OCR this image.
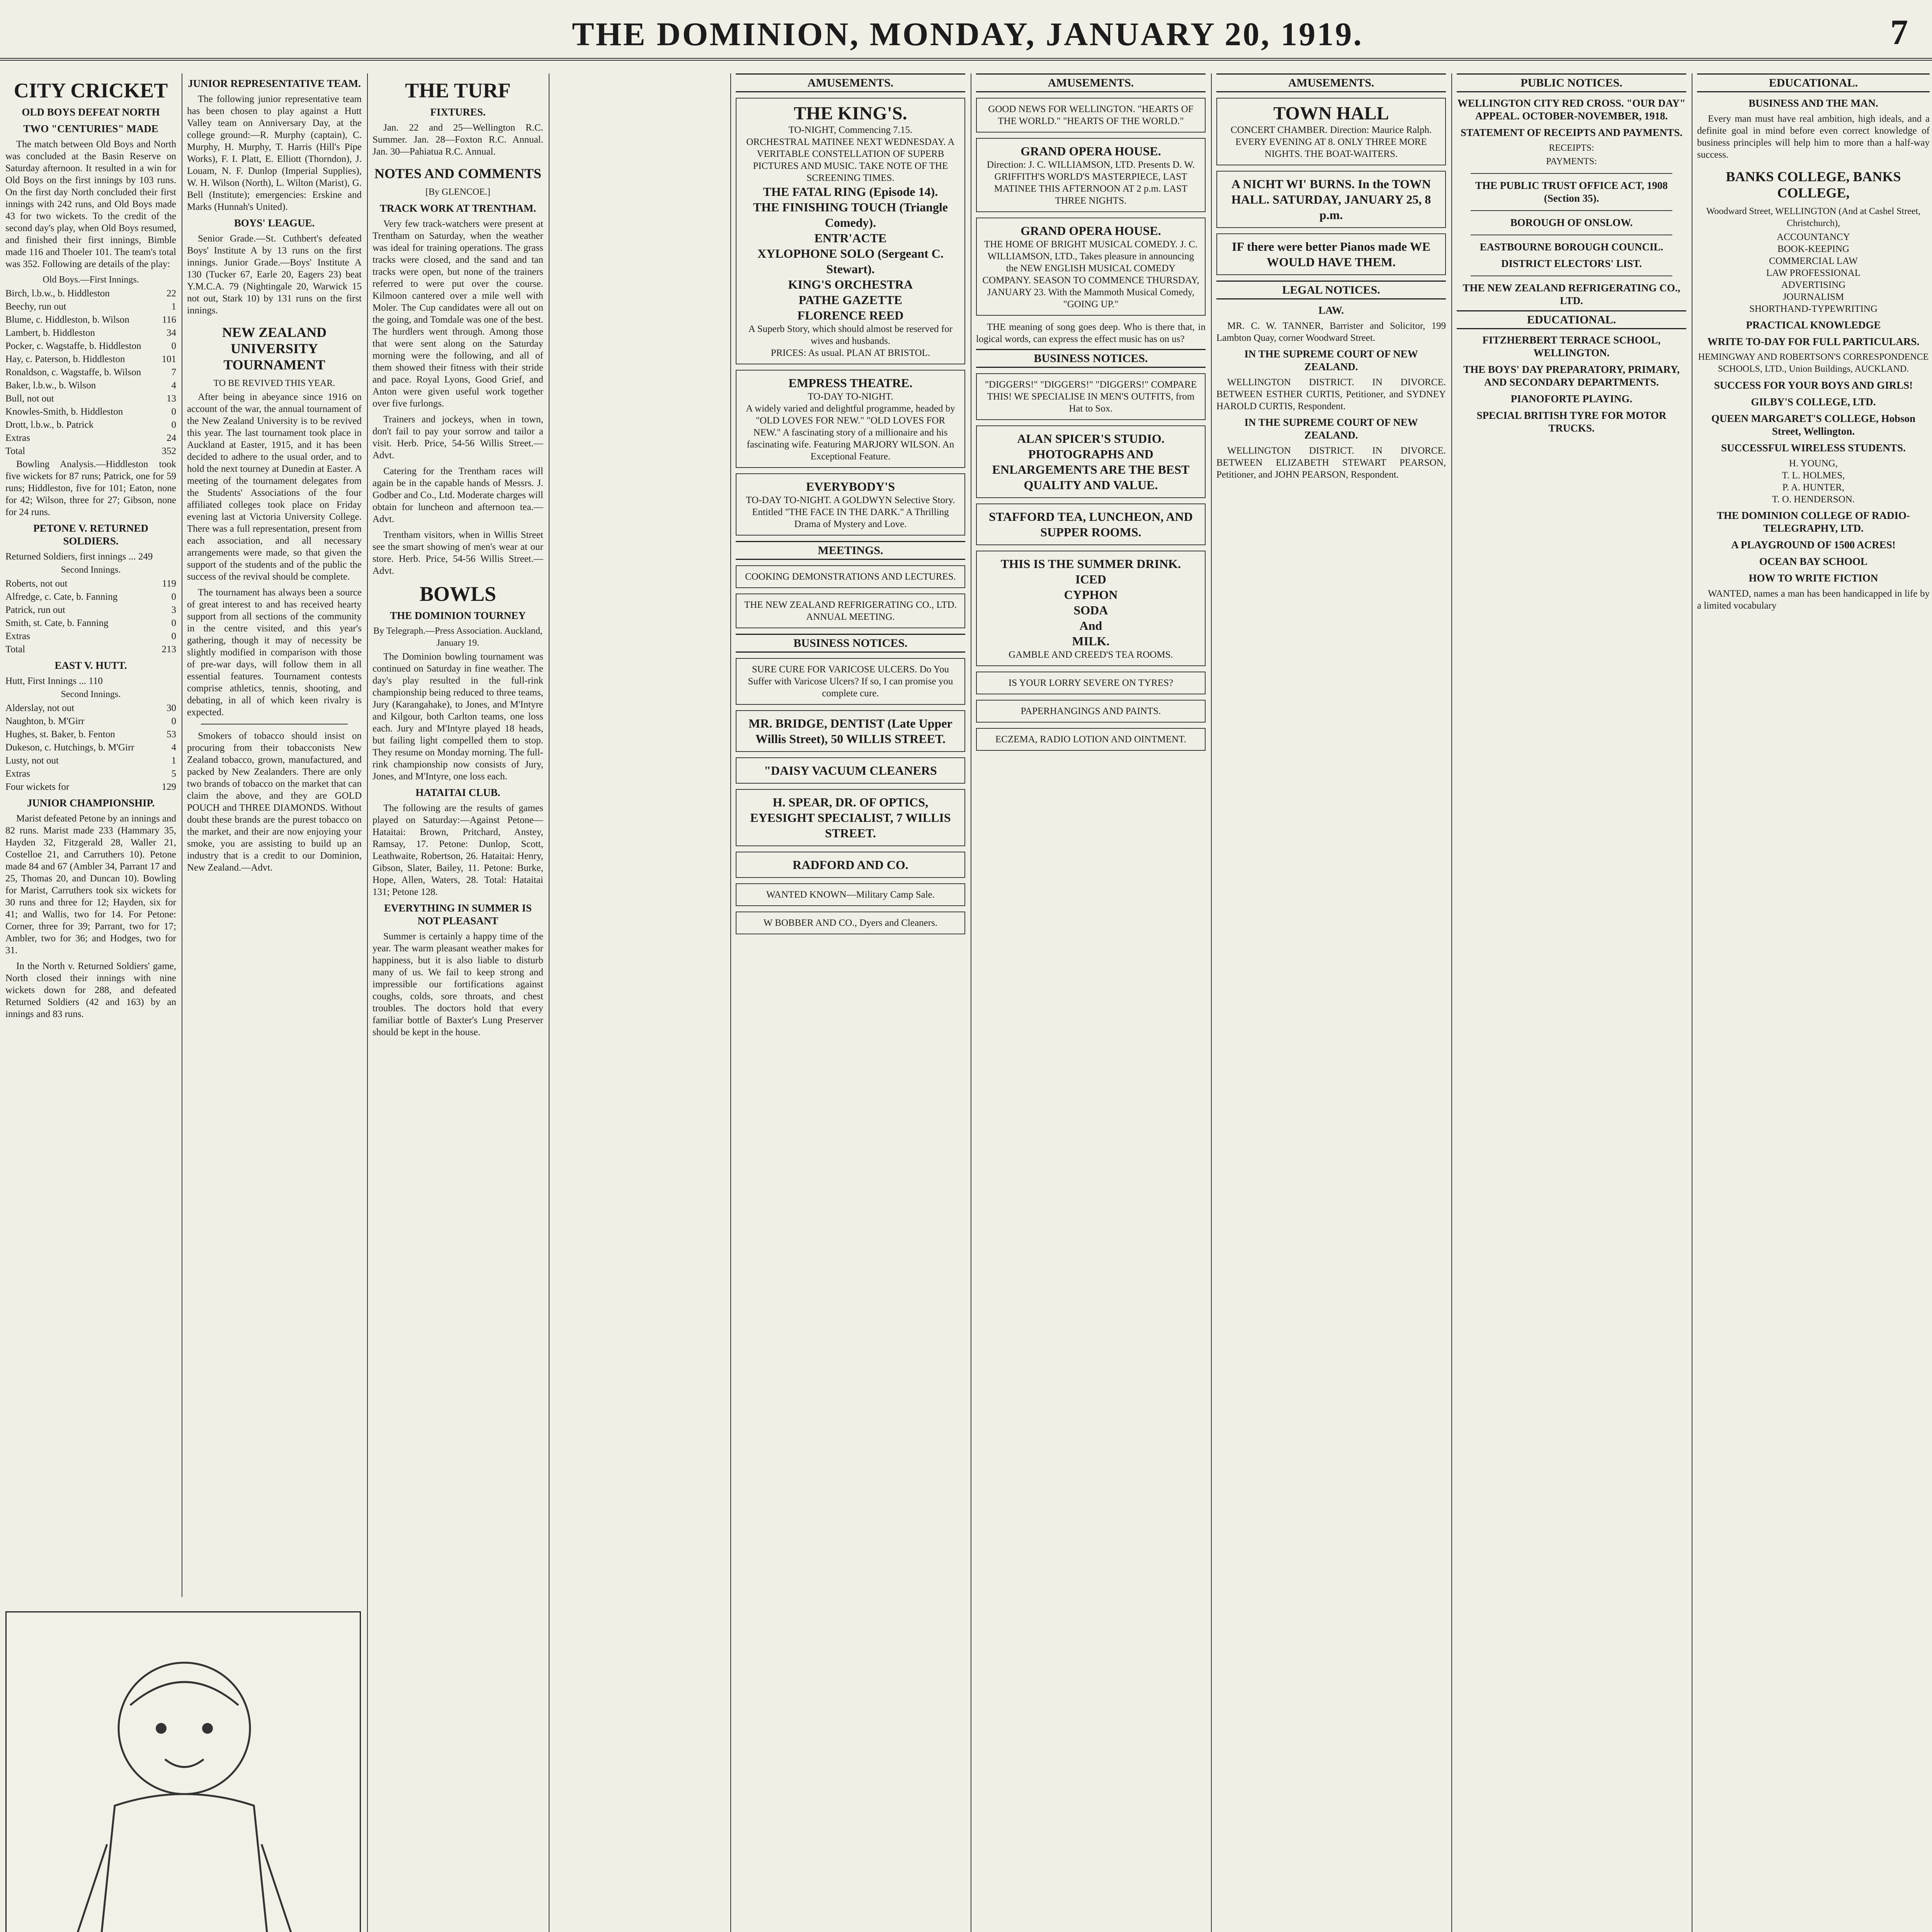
THE DOMINION, MONDAY, JANUARY 20, 1919.	7
CITY CRICKET
OLD BOYS DEFEAT NORTH
TWO "CENTURIES" MADE

The match between Old Boys and North was concluded at the Basin Reserve on Saturday afternoon. It resulted in a win for Old Boys on the first innings by 103 runs. On the first day North concluded their first innings with 242 runs, and Old Boys made 43 for two wickets. To the credit of the second day's play, when Old Boys resumed, and finished their first innings, Bimble made 116 and Thoeler 101. The team's total was 352. Following are details of the play:

Old Boys.—First Innings.
Birch, l.b.w., b. Hiddleston	22
Beechy, run out	1
Blume, c. Hiddleston, b. Wilson	116
Lambert, b. Hiddleston	34
Pocker, c. Wagstaffe, b. Hiddleston	0
Hay, c. Paterson, b. Hiddleston	101
Ronaldson, c. Wagstaffe, b. Wilson	7
Baker, l.b.w., b. Wilson	4
Bull, not out	13
Knowles-Smith, b. Hiddleston	0
Drott, l.b.w., b. Patrick	0
Extras	24
Total	352

Bowling Analysis.—Hiddleston took five wickets for 87 runs; Patrick, one for 59 runs; Hiddleston, five for 101; Eaton, none for 42; Wilson, three for 27; Gibson, none for 24 runs.

PETONE V. RETURNED SOLDIERS.
Returned Soldiers, first innings ... 249
Second Innings.
Roberts, not out	119
Alfredge, c. Cate, b. Fanning	0
Patrick, run out	3
Smith, st. Cate, b. Fanning	0
Extras	0
Total	213
EAST V. HUTT.
Hutt, First Innings ... 110
Second Innings.
Alderslay, not out	30
Naughton, b. M'Girr	0
Hughes, st. Baker, b. Fenton	53
Dukeson, c. Hutchings, b. M'Girr	4
Lusty, not out	1
Extras	5
Four wickets for	129
JUNIOR CHAMPIONSHIP.

Marist defeated Petone by an innings and 82 runs. Marist made 233 (Hammary 35, Hayden 32, Fitzgerald 28, Waller 21, Costelloe 21, and Carruthers 10). Petone made 84 and 67 (Ambler 34, Parrant 17 and 25, Thomas 20, and Duncan 10). Bowling for Marist, Carruthers took six wickets for 30 runs and three for 12; Hayden, six for 41; and Wallis, two for 14. For Petone: Corner, three for 39; Parrant, two for 17; Ambler, two for 36; and Hodges, two for 31.

In the North v. Returned Soldiers' game, North closed their innings with nine wickets down for 288, and defeated Returned Soldiers (42 and 163) by an innings and 83 runs.

JUNIOR REPRESENTATIVE TEAM.

The following junior representative team has been chosen to play against a Hutt Valley team on Anniversary Day, at the college ground:—R. Murphy (captain), C. Murphy, H. Murphy, T. Harris (Hill's Pipe Works), F. I. Platt, E. Elliott (Thorndon), J. Louam, N. F. Dunlop (Imperial Supplies), W. H. Wilson (North), L. Wilton (Marist), G. Bell (Institute); emergencies: Erskine and Marks (Hunnah's United).

BOYS' LEAGUE.

Senior Grade.—St. Cuthbert's defeated Boys' Institute A by 13 runs on the first innings. Junior Grade.—Boys' Institute A 130 (Tucker 67, Earle 20, Eagers 23) beat Y.M.C.A. 79 (Nightingale 20, Warwick 15 not out, Stark 10) by 131 runs on the first innings.

NEW ZEALAND UNIVERSITY TOURNAMENT
TO BE REVIVED THIS YEAR.

After being in abeyance since 1916 on account of the war, the annual tournament of the New Zealand University is to be revived this year. The last tournament took place in Auckland at Easter, 1915, and it has been decided to adhere to the usual order, and to hold the next tourney at Dunedin at Easter. A meeting of the tournament delegates from the Students' Associations of the four affiliated colleges took place on Friday evening last at Victoria University College. There was a full representation, present from each association, and all necessary arrangements were made, so that given the support of the students and of the public the success of the revival should be complete.

The tournament has always been a source of great interest to and has received hearty support from all sections of the community in the centre visited, and this year's gathering, though it may of necessity be slightly modified in comparison with those of pre-war days, will follow them in all essential features. Tournament contests comprise athletics, tennis, shooting, and debating, in all of which keen rivalry is expected.

Smokers of tobacco should insist on procuring from their tobacconists New Zealand tobacco, grown, manufactured, and packed by New Zealanders. There are only two brands of tobacco on the market that can claim the above, and they are GOLD POUCH and THREE DIAMONDS. Without doubt these brands are the purest tobacco on the market, and their are now enjoying your smoke, you are assisting to build up an industry that is a credit to our Dominion, New Zealand.—Advt.

THE TURF
FIXTURES.

Jan. 22 and 25—Wellington R.C. Summer. Jan. 28—Foxton R.C. Annual. Jan. 30—Pahiatua R.C. Annual.

NOTES AND COMMENTS
[By GLENCOE.]
TRACK WORK AT TRENTHAM.

Very few track-watchers were present at Trentham on Saturday, when the weather was ideal for training operations. The grass tracks were closed, and the sand and tan tracks were open, but none of the trainers referred to were put over the course. Kilmoon cantered over a mile well with Moler. The Cup candidates were all out on the going, and Tomdale was one of the best. The hurdlers went through. Among those that were sent along on the Saturday morning were the following, and all of them showed their fitness with their stride and pace. Royal Lyons, Good Grief, and Anton were given useful work together over five furlongs.

Trainers and jockeys, when in town, don't fail to pay your sorrow and tailor a visit. Herb. Price, 54-56 Willis Street.—Advt.

Catering for the Trentham races will again be in the capable hands of Messrs. J. Godber and Co., Ltd. Moderate charges will obtain for luncheon and afternoon tea.—Advt.

Trentham visitors, when in Willis Street see the smart showing of men's wear at our store. Herb. Price, 54-56 Willis Street.—Advt.

BOWLS
THE DOMINION TOURNEY
By Telegraph.—Press Association. Auckland, January 19.

The Dominion bowling tournament was continued on Saturday in fine weather. The day's play resulted in the full-rink championship being reduced to three teams, Jury (Karangahake), to Jones, and M'Intyre and Kilgour, both Carlton teams, one loss each. Jury and M'Intyre played 18 heads, but failing light compelled them to stop. They resume on Monday morning. The full-rink championship now consists of Jury, Jones, and M'Intyre, one loss each.

HATAITAI CLUB.

The following are the results of games played on Saturday:—Against Petone—Hataitai: Brown, Pritchard, Anstey, Ramsay, 17. Petone: Dunlop, Scott, Leathwaite, Robertson, 26. Hataitai: Henry, Gibson, Slater, Bailey, 11. Petone: Burke, Hope, Allen, Waters, 28. Total: Hataitai 131; Petone 128.

EVERYTHING IN SUMMER IS NOT PLEASANT

Summer is certainly a happy time of the year. The warm pleasant weather makes for happiness, but it is also liable to disturb many of us. We fail to keep strong and impressible our fortifications against coughs, colds, sore throats, and chest troubles. The doctors hold that every familiar bottle of Baxter's Lung Preserver should be kept in the house.

AMUSEMENTS.
THE KING'S.
TO-NIGHT, Commencing 7.15.
ORCHESTRAL MATINEE NEXT WEDNESDAY. A VERITABLE CONSTELLATION OF SUPERB PICTURES AND MUSIC. TAKE NOTE OF THE SCREENING TIMES.
THE FATAL RING (Episode 14).
THE FINISHING TOUCH (Triangle Comedy).
ENTR'ACTE
XYLOPHONE SOLO (Sergeant C. Stewart).
KING'S ORCHESTRA
PATHE GAZETTE
FLORENCE REED
A Superb Story, which should almost be reserved for wives and husbands.
PRICES: As usual. PLAN AT BRISTOL.
EMPRESS THEATRE.
TO-DAY TO-NIGHT.
A widely varied and delightful programme, headed by "OLD LOVES FOR NEW." "OLD LOVES FOR NEW." A fascinating story of a millionaire and his fascinating wife. Featuring MARJORY WILSON. An Exceptional Feature.
EVERYBODY'S
TO-DAY TO-NIGHT. A GOLDWYN Selective Story. Entitled "THE FACE IN THE DARK." A Thrilling Drama of Mystery and Love.
MEETINGS.
COOKING DEMONSTRATIONS AND LECTURES.
THE NEW ZEALAND REFRIGERATING CO., LTD. ANNUAL MEETING.
BUSINESS NOTICES.
SURE CURE FOR VARICOSE ULCERS. Do You Suffer with Varicose Ulcers? If so, I can promise you complete cure.
MR. BRIDGE, DENTIST (Late Upper Willis Street), 50 WILLIS STREET.
"DAISY VACUUM CLEANERS
H. SPEAR, DR. OF OPTICS, EYESIGHT SPECIALIST, 7 WILLIS STREET.
RADFORD AND CO.
WANTED KNOWN—Military Camp Sale.
W BOBBER AND CO., Dyers and Cleaners.
AMUSEMENTS.
GOOD NEWS FOR WELLINGTON. "HEARTS OF THE WORLD." "HEARTS OF THE WORLD."
GRAND OPERA HOUSE.
Direction: J. C. WILLIAMSON, LTD. Presents D. W. GRIFFITH'S WORLD'S MASTERPIECE, LAST MATINEE THIS AFTERNOON AT 2 p.m. LAST THREE NIGHTS.
GRAND OPERA HOUSE.
THE HOME OF BRIGHT MUSICAL COMEDY. J. C. WILLIAMSON, LTD., Takes pleasure in announcing the NEW ENGLISH MUSICAL COMEDY COMPANY. SEASON TO COMMENCE THURSDAY, JANUARY 23. With the Mammoth Musical Comedy, "GOING UP."

THE meaning of song goes deep. Who is there that, in logical words, can express the effect music has on us?

BUSINESS NOTICES.
"DIGGERS!" "DIGGERS!" "DIGGERS!" COMPARE THIS! WE SPECIALISE IN MEN'S OUTFITS, from Hat to Sox.
ALAN SPICER'S STUDIO. PHOTOGRAPHS AND ENLARGEMENTS ARE THE BEST QUALITY AND VALUE.
STAFFORD TEA, LUNCHEON, AND SUPPER ROOMS.
THIS IS THE SUMMER DRINK.
ICED
CYPHON
SODA
And
MILK.
GAMBLE AND CREED'S TEA ROOMS.
IS YOUR LORRY SEVERE ON TYRES?
PAPERHANGINGS AND PAINTS.
ECZEMA, RADIO LOTION AND OINTMENT.
AMUSEMENTS.
TOWN HALL
CONCERT CHAMBER. Direction: Maurice Ralph. EVERY EVENING AT 8. ONLY THREE MORE NIGHTS. THE BOAT-WAITERS.
A NICHT WI' BURNS. In the TOWN HALL. SATURDAY, JANUARY 25, 8 p.m.
IF there were better Pianos made WE WOULD HAVE THEM.
LEGAL NOTICES.
LAW.

MR. C. W. TANNER, Barrister and Solicitor, 199 Lambton Quay, corner Woodward Street.

IN THE SUPREME COURT OF NEW ZEALAND.

WELLINGTON DISTRICT. IN DIVORCE. BETWEEN ESTHER CURTIS, Petitioner, and SYDNEY HAROLD CURTIS, Respondent.

IN THE SUPREME COURT OF NEW ZEALAND.

WELLINGTON DISTRICT. IN DIVORCE. BETWEEN ELIZABETH STEWART PEARSON, Petitioner, and JOHN PEARSON, Respondent.

PUBLIC NOTICES.
WELLINGTON CITY RED CROSS. "OUR DAY" APPEAL. OCTOBER-NOVEMBER, 1918.
STATEMENT OF RECEIPTS AND PAYMENTS.
RECEIPTS:
PAYMENTS:
THE PUBLIC TRUST OFFICE ACT, 1908 (Section 35).
BOROUGH OF ONSLOW.
EASTBOURNE BOROUGH COUNCIL.
DISTRICT ELECTORS' LIST.
THE NEW ZEALAND REFRIGERATING CO., LTD.
EDUCATIONAL.
FITZHERBERT TERRACE SCHOOL, WELLINGTON.
THE BOYS' DAY PREPARATORY, PRIMARY, AND SECONDARY DEPARTMENTS.
PIANOFORTE PLAYING.
SPECIAL BRITISH TYRE FOR MOTOR TRUCKS.
EDUCATIONAL.
BUSINESS AND THE MAN.

Every man must have real ambition, high ideals, and a definite goal in mind before even correct knowledge of business principles will help him to more than a half-way success.

BANKS COLLEGE, BANKS COLLEGE,
Woodward Street, WELLINGTON (And at Cashel Street, Christchurch),
ACCOUNTANCY
BOOK-KEEPING
COMMERCIAL LAW
LAW PROFESSIONAL
ADVERTISING
JOURNALISM
SHORTHAND-TYPEWRITING
PRACTICAL KNOWLEDGE
WRITE TO-DAY FOR FULL PARTICULARS.
HEMINGWAY AND ROBERTSON'S CORRESPONDENCE SCHOOLS, LTD., Union Buildings, AUCKLAND.
SUCCESS FOR YOUR BOYS AND GIRLS!
GILBY'S COLLEGE, LTD.
QUEEN MARGARET'S COLLEGE, Hobson Street, Wellington.
SUCCESSFUL WIRELESS STUDENTS.
H. YOUNG,
T. L. HOLMES,
P. A. HUNTER,
T. O. HENDERSON.
THE DOMINION COLLEGE OF RADIO-TELEGRAPHY, LTD.
A PLAYGROUND OF 1500 ACRES!
OCEAN BAY SCHOOL
HOW TO WRITE FICTION

WANTED, names a man has been handicapped in life by a limited vocabulary
